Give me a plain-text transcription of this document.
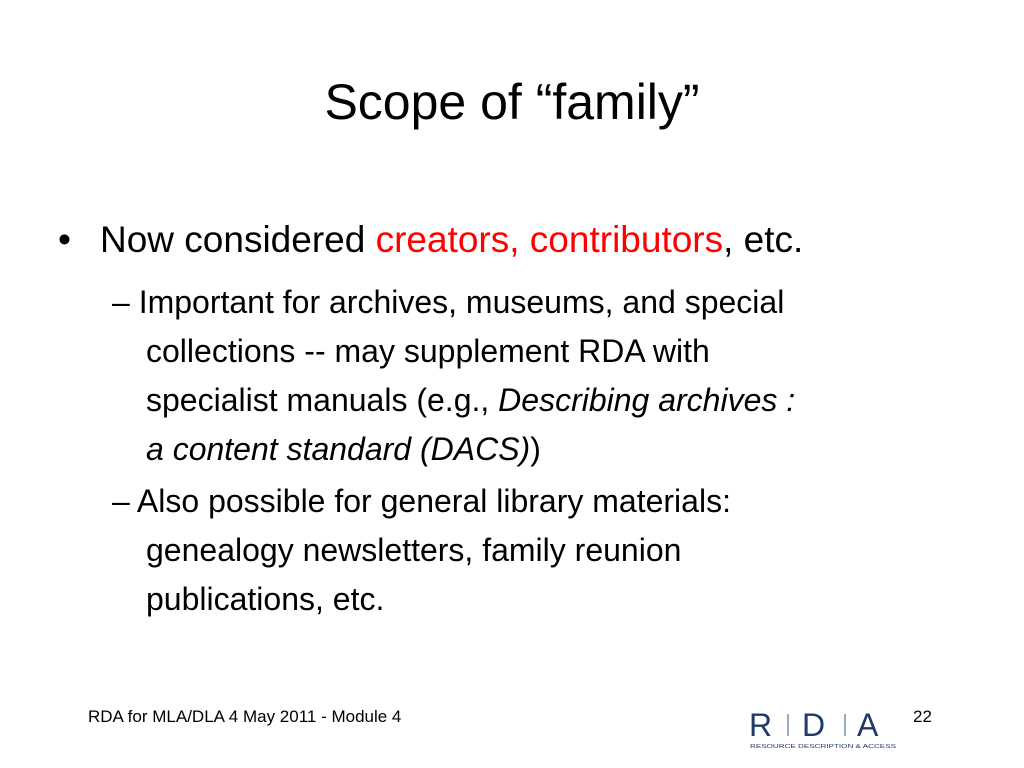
Scope of “family”
• Now considered creators, contributors, etc.
– Important for archives, museums, and special
collections -- may supplement RDA with
specialist manuals (e.g., Describing archives :
a content standard (DACS))
– Also possible for general library materials:
genealogy newsletters, family reunion
publications, etc.
RDA for MLA/DLA 4 May 2011 - Module 4	R D A
RESOURCE DESCRIPTION & ACCESS
22
